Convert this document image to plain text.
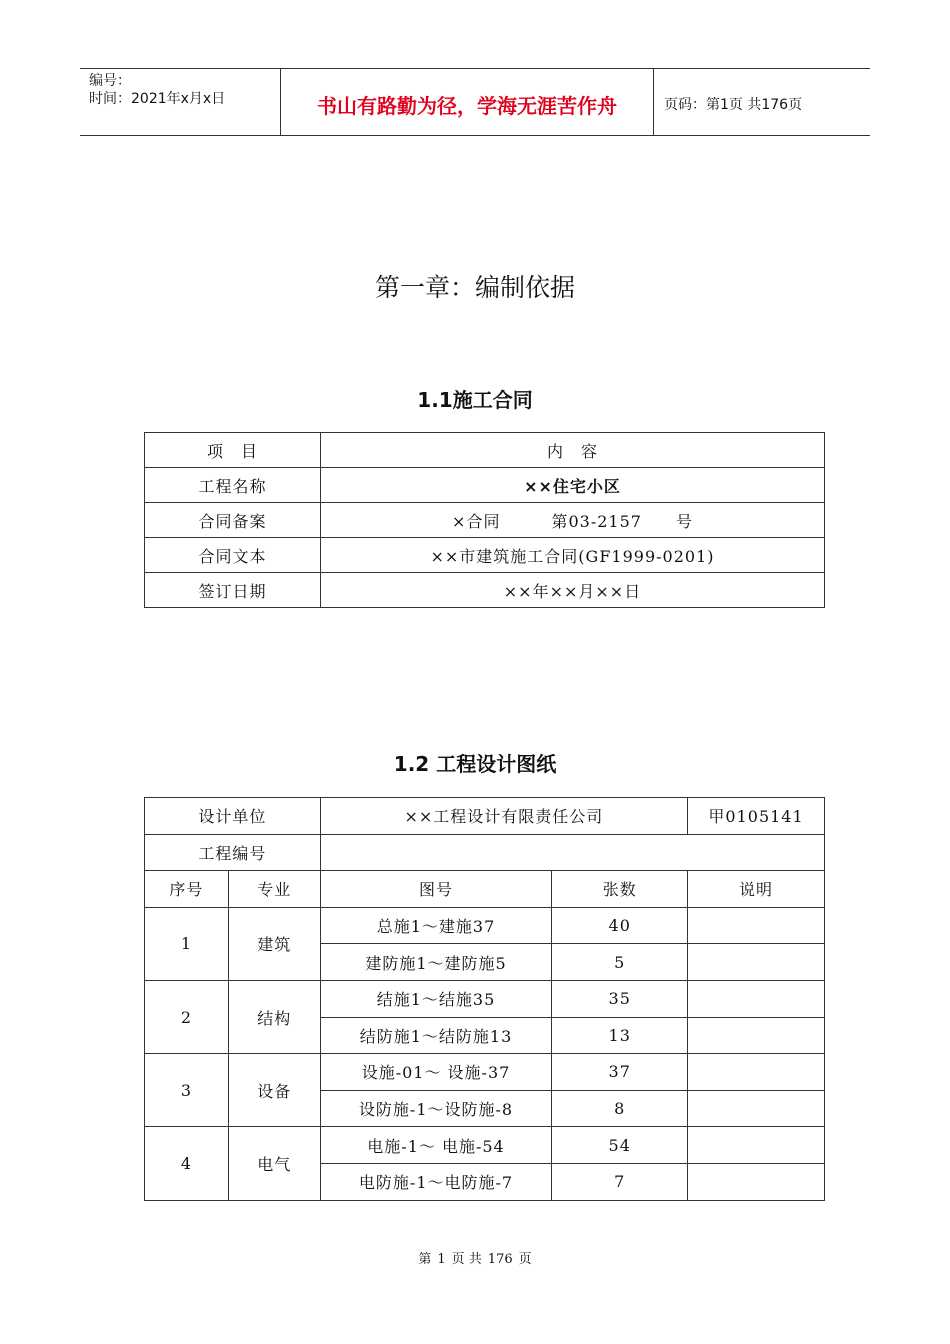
编号：
时间：2021年x月x日	书山有路勤为径，学海无涯苦作舟	页码：第1页 共176页
第一章：编制依据
1.1施工合同
项　目	内　容
工程名称	××住宅小区
合同备案	×合同　　　第03-2157　　号
合同文本	××市建筑施工合同(GF1999-0201)
签订日期	××年××月××日
1.2 工程设计图纸
设计单位		××工程设计有限责任公司		甲0105141
工程编号				
序号	专业	图号	张数	说明
1	建筑	总施1～建施37	40	
		建防施1～建防施5	5	
2	结构	结施1～结施35	35	
		结防施1～结防施13	13	
3	设备	设施-01～ 设施-37	37	
		设防施-1～设防施-8	8	
4	电气	电施-1～ 电施-54	54	
		电防施-1～电防施-7	7	
第 1 页 共 176 页
